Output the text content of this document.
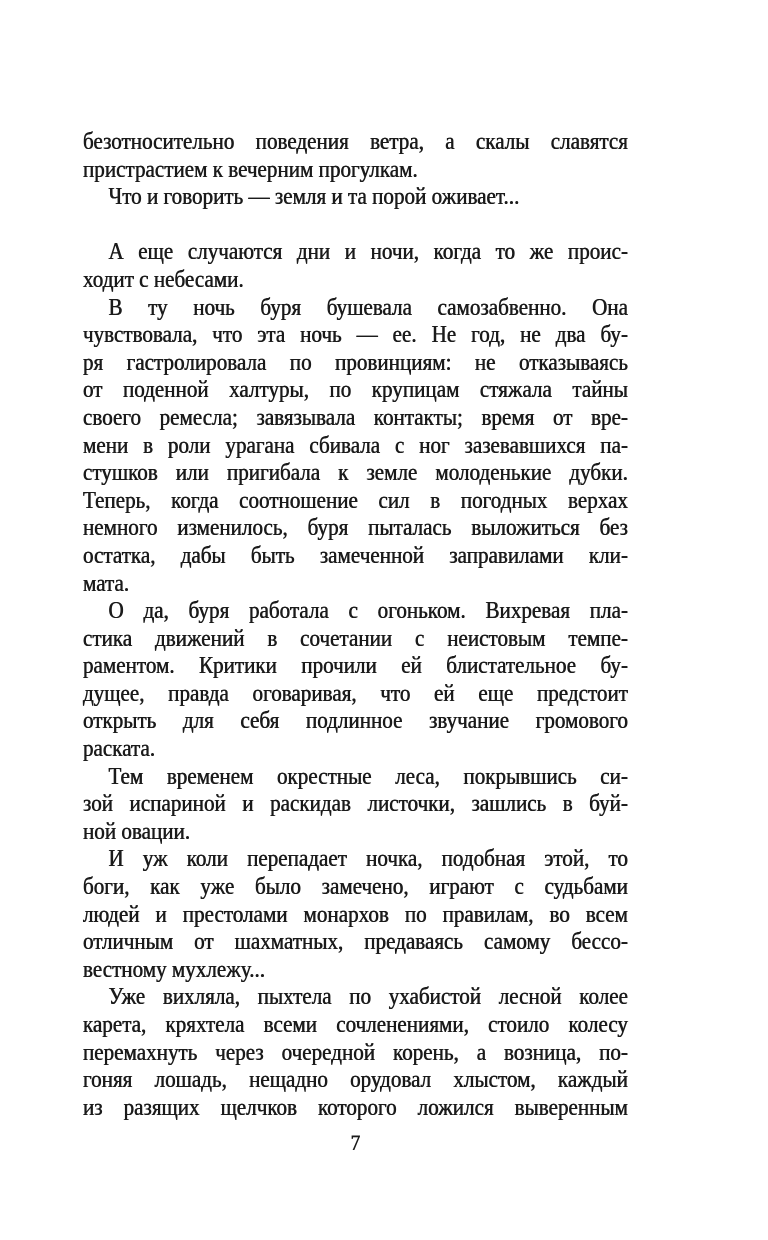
безотносительно поведения ветра, а скалы славятся
пристрастием к вечерним прогулкам.
Что и говорить — земля и та порой оживает...
А еще случаются дни и ночи, когда то же проис-
ходит с небесами.
В ту ночь буря бушевала самозабвенно. Она
чувствовала, что эта ночь — ее. Не год, не два бу-
ря гастролировала по провинциям: не отказываясь
от поденной халтуры, по крупицам стяжала тайны
своего ремесла; завязывала контакты; время от вре-
мени в роли урагана сбивала с ног зазевавшихся па-
стушков или пригибала к земле молоденькие дубки.
Теперь, когда соотношение сил в погодных верхах
немного изменилось, буря пыталась выложиться без
остатка, дабы быть замеченной заправилами кли-
мата.
О да, буря работала с огоньком. Вихревая пла-
стика движений в сочетании с неистовым темпе-
раментом. Критики прочили ей блистательное бу-
дущее, правда оговаривая, что ей еще предстоит
открыть для себя подлинное звучание громового
раската.
Тем временем окрестные леса, покрывшись си-
зой испариной и раскидав листочки, зашлись в буй-
ной овации.
И уж коли перепадает ночка, подобная этой, то
боги, как уже было замечено, играют с судьбами
людей и престолами монархов по правилам, во всем
отличным от шахматных, предаваясь самому бессо-
вестному мухлежу...
Уже вихляла, пыхтела по ухабистой лесной колее
карета, кряхтела всеми сочленениями, стоило колесу
перемахнуть через очередной корень, а возница, по-
гоняя лошадь, нещадно орудовал хлыстом, каждый
из разящих щелчков которого ложился выверенным
7
